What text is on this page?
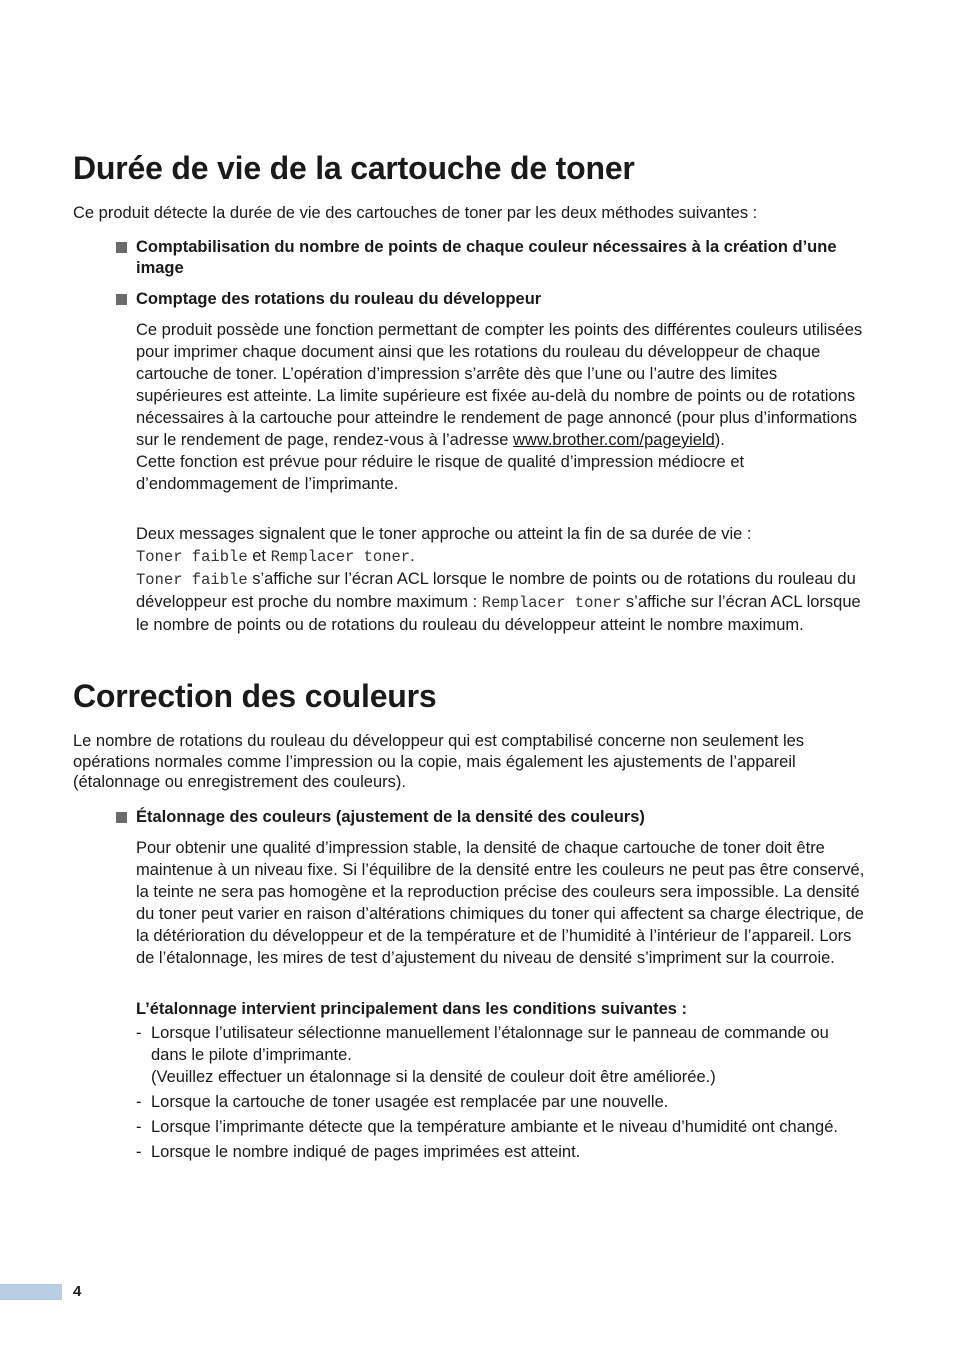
Durée de vie de la cartouche de toner

Ce produit détecte la durée de vie des cartouches de toner par les deux méthodes suivantes :

Comptabilisation du nombre de points de chaque couleur nécessaires à la création d’une image
Comptage des rotations du rouleau du développeur

Ce produit possède une fonction permettant de compter les points des différentes couleurs utilisées pour imprimer chaque document ainsi que les rotations du rouleau du développeur de chaque cartouche de toner. L’opération d’impression s’arrête dès que l’une ou l’autre des limites supérieures est atteinte. La limite supérieure est fixée au-delà du nombre de points ou de rotations nécessaires à la cartouche pour atteindre le rendement de page annoncé (pour plus d’informations sur le rendement de page, rendez-vous à l’adresse www.brother.com/pageyield).

Cette fonction est prévue pour réduire le risque de qualité d’impression médiocre et d’endommagement de l’imprimante.

Deux messages signalent que le toner approche ou atteint la fin de sa durée de vie :

Toner faible et Remplacer toner.

Toner faible s’affiche sur l’écran ACL lorsque le nombre de points ou de rotations du rouleau du développeur est proche du nombre maximum : Remplacer toner s’affiche sur l’écran ACL lorsque le nombre de points ou de rotations du rouleau du développeur atteint le nombre maximum.

Correction des couleurs

Le nombre de rotations du rouleau du développeur qui est comptabilisé concerne non seulement les opérations normales comme l’impression ou la copie, mais également les ajustements de l’appareil (étalonnage ou enregistrement des couleurs).

Étalonnage des couleurs (ajustement de la densité des couleurs)

Pour obtenir une qualité d’impression stable, la densité de chaque cartouche de toner doit être maintenue à un niveau fixe. Si l’équilibre de la densité entre les couleurs ne peut pas être conservé, la teinte ne sera pas homogène et la reproduction précise des couleurs sera impossible. La densité du toner peut varier en raison d’altérations chimiques du toner qui affectent sa charge électrique, de la détérioration du développeur et de la température et de l’humidité à l’intérieur de l’appareil. Lors de l’étalonnage, les mires de test d’ajustement du niveau de densité s’impriment sur la courroie.

L’étalonnage intervient principalement dans les conditions suivantes :

- Lorsque l’utilisateur sélectionne manuellement l’étalonnage sur le panneau de commande ou dans le pilote d’imprimante.
(Veuillez effectuer un étalonnage si la densité de couleur doit être améliorée.)
- Lorsque la cartouche de toner usagée est remplacée par une nouvelle.
- Lorsque l’imprimante détecte que la température ambiante et le niveau d’humidité ont changé.
- Lorsque le nombre indiqué de pages imprimées est atteint.
4
